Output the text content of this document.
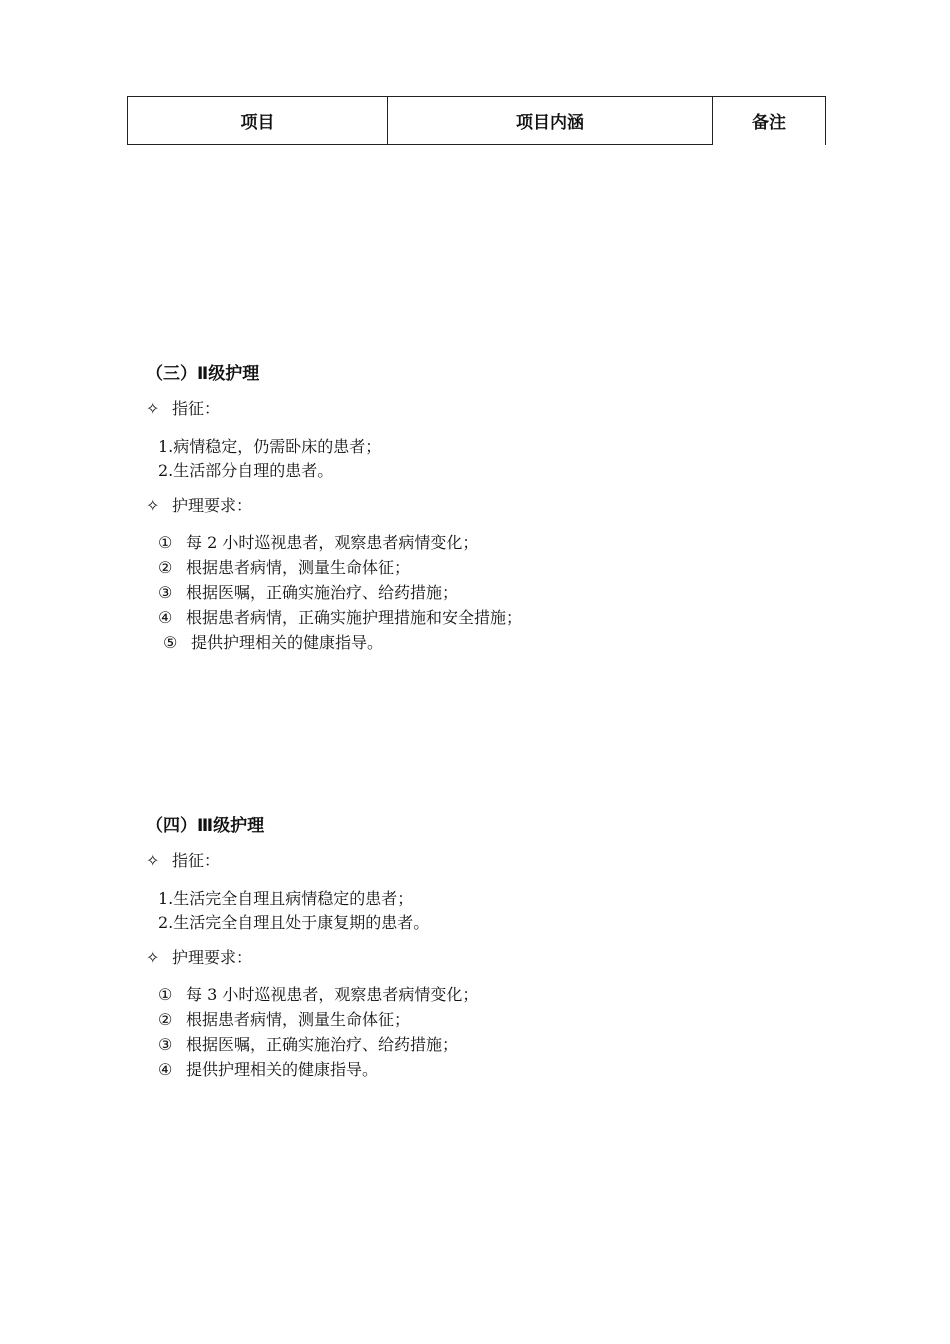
项目	项目内涵	备注
（三）Ⅱ级护理
✧ 指征：
1.病情稳定，仍需卧床的患者；
2.生活部分自理的患者。
✧ 护理要求：
① 每 2 小时巡视患者，观察患者病情变化；
② 根据患者病情，测量生命体征；
③ 根据医嘱，正确实施治疗、给药措施；
④ 根据患者病情，正确实施护理措施和安全措施；
⑤ 提供护理相关的健康指导。
（四）Ⅲ级护理
✧ 指征：
1.生活完全自理且病情稳定的患者；
2.生活完全自理且处于康复期的患者。
✧ 护理要求：
① 每 3 小时巡视患者，观察患者病情变化；
② 根据患者病情，测量生命体征；
③ 根据医嘱，正确实施治疗、给药措施；
④ 提供护理相关的健康指导。
